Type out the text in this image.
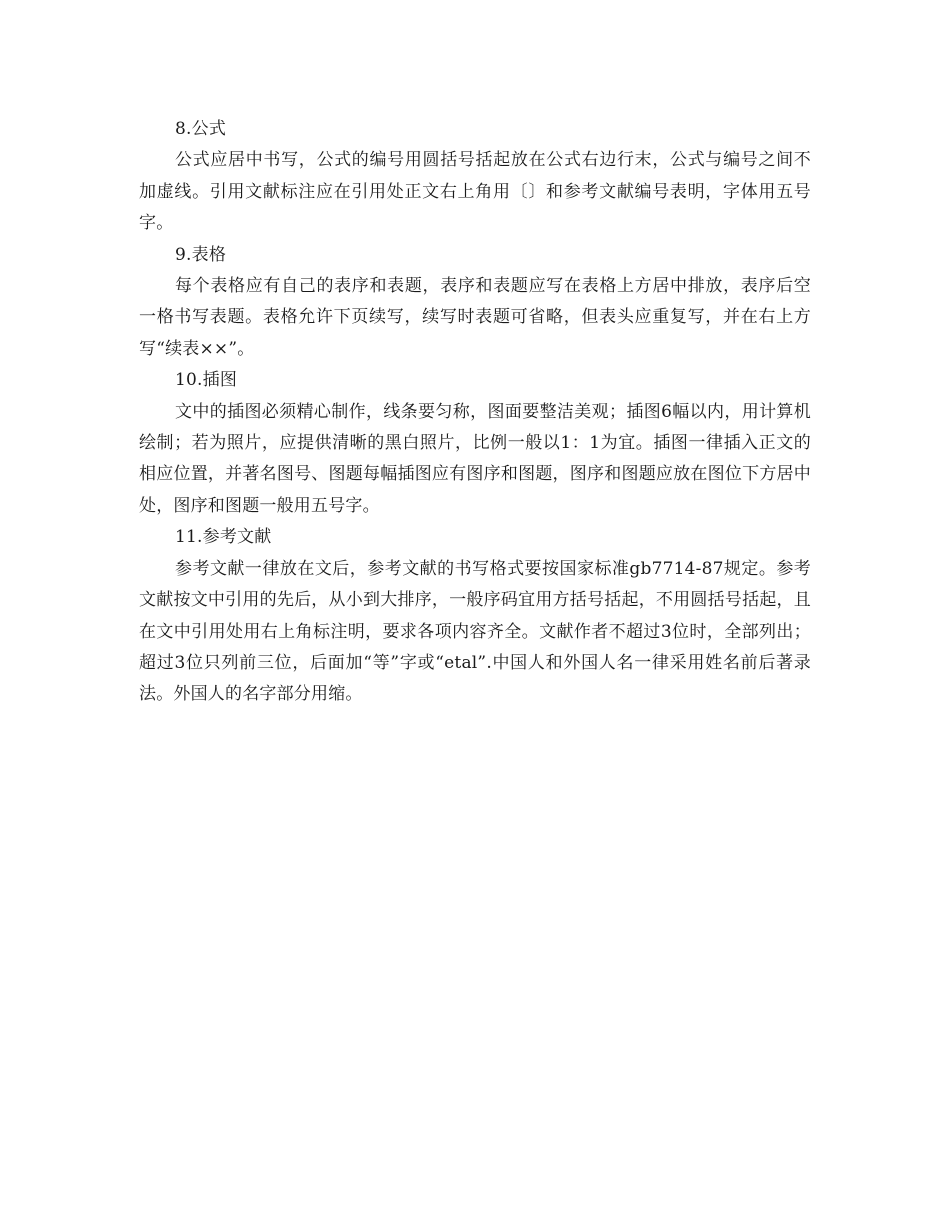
8.公式

公式应居中书写，公式的编号用圆括号括起放在公式右边行末，公式与编号之间不加虚线。引用文献标注应在引用处正文右上角用〔〕和参考文献编号表明，字体用五号字。

9.表格

每个表格应有自己的表序和表题，表序和表题应写在表格上方居中排放，表序后空一格书写表题。表格允许下页续写，续写时表题可省略，但表头应重复写，并在右上方写“续表××”。

10.插图

文中的插图必须精心制作，线条要匀称，图面要整洁美观；插图6幅以内，用计算机绘制；若为照片，应提供清晰的黑白照片，比例一般以1：1为宜。插图一律插入正文的相应位置，并著名图号、图题每幅插图应有图序和图题，图序和图题应放在图位下方居中处，图序和图题一般用五号字。

11.参考文献

参考文献一律放在文后，参考文献的书写格式要按国家标准gb7714-87规定。参考文献按文中引用的先后，从小到大排序，一般序码宜用方括号括起，不用圆括号括起，且在文中引用处用右上角标注明，要求各项内容齐全。文献作者不超过3位时，全部列出；超过3位只列前三位，后面加“等”字或“etal”.中国人和外国人名一律采用姓名前后著录法。外国人的名字部分用缩。
